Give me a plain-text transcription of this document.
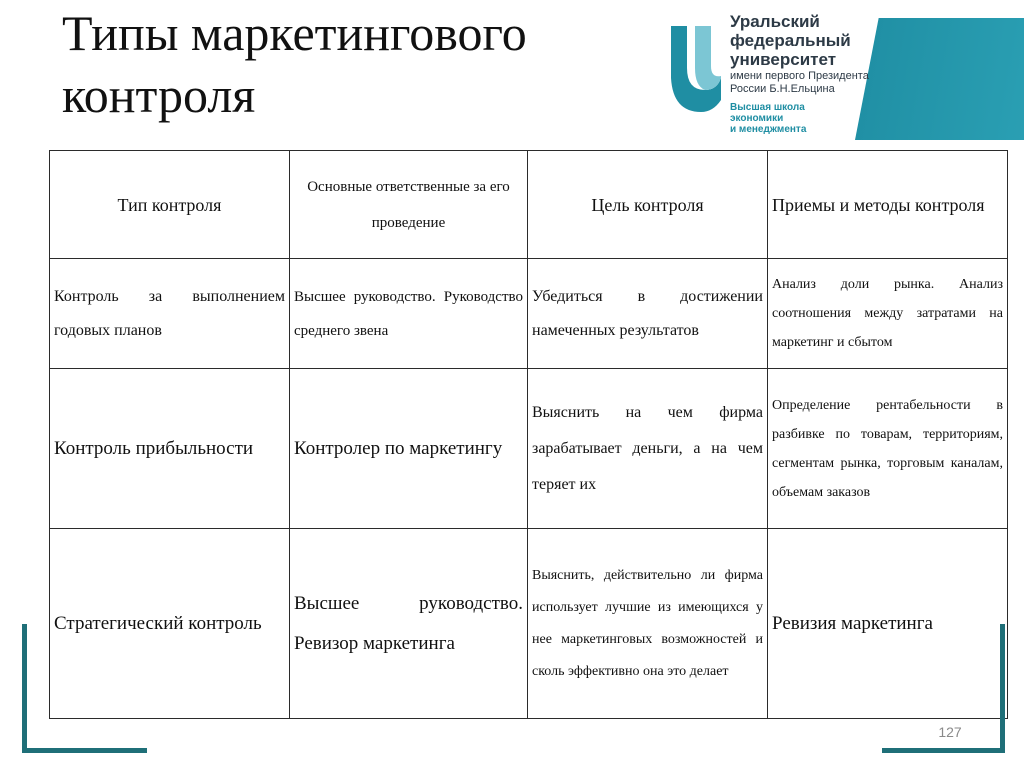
Типы маркетингового
контроля
Уральский
федеральный
университет
имени первого Президента
России Б.Н.Ельцина
Высшая школа
экономики
и менеджмента
Тип контроля	Основные ответственные за его проведение	Цель контроля	Приемы и методы контроля
Контроль за выполнением годовых планов	Высшее руководство. Руководство среднего звена	Убедиться в достижении намеченных результатов	Анализ доли рынка. Анализ соотношения между затратами на маркетинг и сбытом
Контроль прибыльности	Контролер по маркетингу	Выяснить на чем фирма зарабатывает деньги, а на чем теряет их	Определение рентабельности в разбивке по товарам, территориям, сегментам рынка, торговым каналам, объемам заказов
Стратегический контроль	Высшее руководство. Ревизор маркетинга	Выяснить, действительно ли фирма использует лучшие из имеющихся у нее маркетинговых возможностей и сколь эффективно она это делает	Ревизия маркетинга
127
